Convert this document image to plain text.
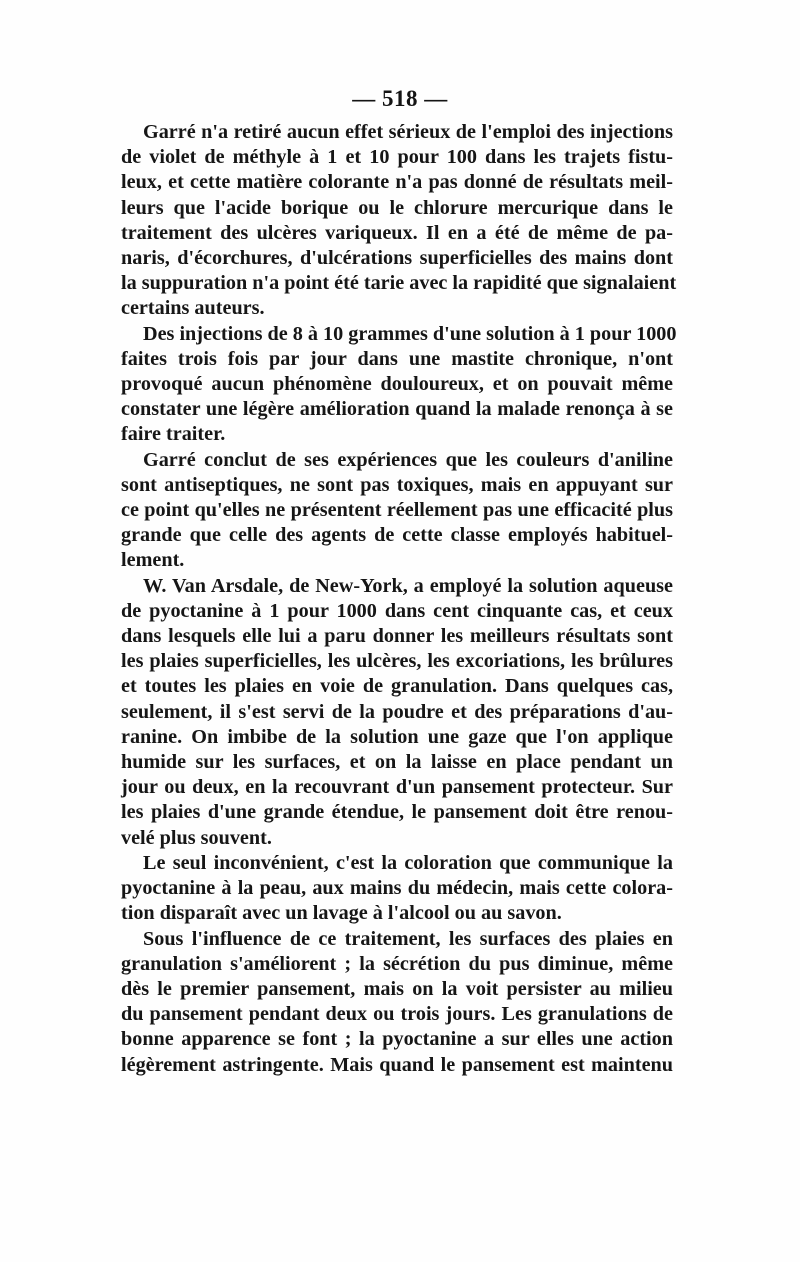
— 518 —
Garré n'a retiré aucun effet sérieux de l'emploi des injections
de violet de méthyle à 1 et 10 pour 100 dans les trajets fistu-
leux, et cette matière colorante n'a pas donné de résultats meil-
leurs que l'acide borique ou le chlorure mercurique dans le
traitement des ulcères variqueux. Il en a été de même de pa-
naris, d'écorchures, d'ulcérations superficielles des mains dont
la suppuration n'a point été tarie avec la rapidité que signalaient
certains auteurs.
Des injections de 8 à 10 grammes d'une solution à 1 pour 1000
faites trois fois par jour dans une mastite chronique, n'ont
provoqué aucun phénomène douloureux, et on pouvait même
constater une légère amélioration quand la malade renonça à se
faire traiter.
Garré conclut de ses expériences que les couleurs d'aniline
sont antiseptiques, ne sont pas toxiques, mais en appuyant sur
ce point qu'elles ne présentent réellement pas une efficacité plus
grande que celle des agents de cette classe employés habituel-
lement.
W. Van Arsdale, de New-York, a employé la solution aqueuse
de pyoctanine à 1 pour 1000 dans cent cinquante cas, et ceux
dans lesquels elle lui a paru donner les meilleurs résultats sont
les plaies superficielles, les ulcères, les excoriations, les brûlures
et toutes les plaies en voie de granulation. Dans quelques cas,
seulement, il s'est servi de la poudre et des préparations d'au-
ranine. On imbibe de la solution une gaze que l'on applique
humide sur les surfaces, et on la laisse en place pendant un
jour ou deux, en la recouvrant d'un pansement protecteur. Sur
les plaies d'une grande étendue, le pansement doit être renou-
velé plus souvent.
Le seul inconvénient, c'est la coloration que communique la
pyoctanine à la peau, aux mains du médecin, mais cette colora-
tion disparaît avec un lavage à l'alcool ou au savon.
Sous l'influence de ce traitement, les surfaces des plaies en
granulation s'améliorent ; la sécrétion du pus diminue, même
dès le premier pansement, mais on la voit persister au milieu
du pansement pendant deux ou trois jours. Les granulations de
bonne apparence se font ; la pyoctanine a sur elles une action
légèrement astringente. Mais quand le pansement est maintenu
